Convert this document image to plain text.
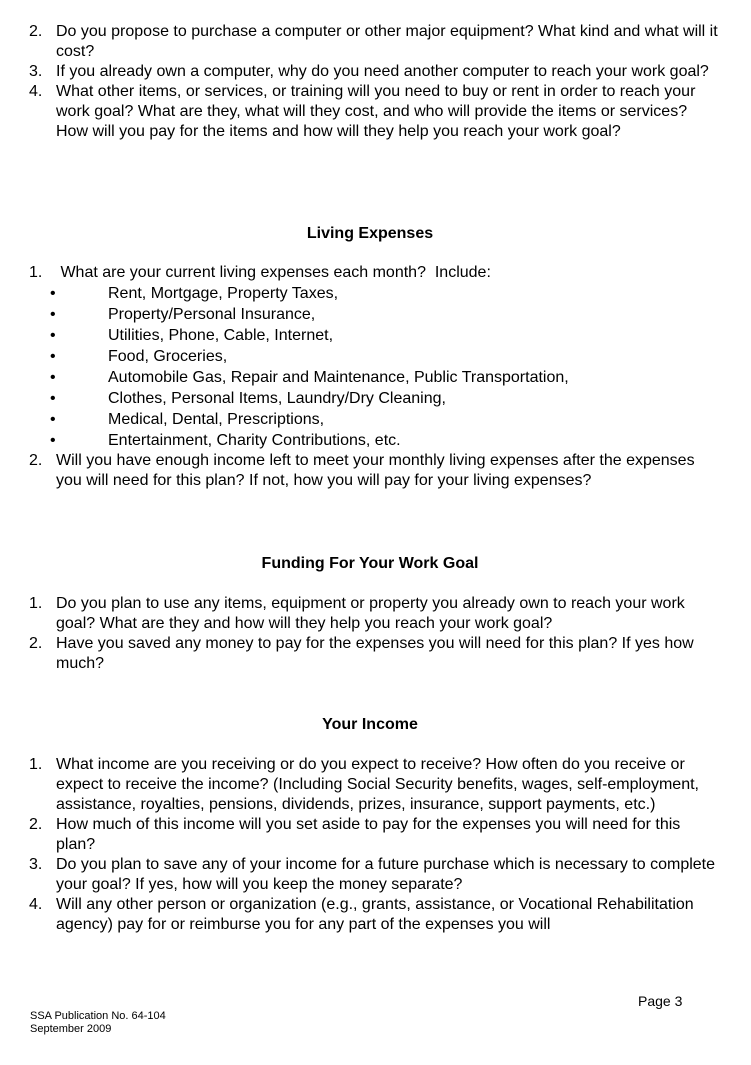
2. Do you propose to purchase a computer or other major equipment? What kind and what will it cost?
3. If you already own a computer, why do you need another computer to reach your work goal?
4. What other items, or services, or training will you need to buy or rent in order to reach your work goal? What are they, what will they cost, and who will provide the items or services? How will you pay for the items and how will they help you reach your work goal?
Living Expenses
1. What are your current living expenses each month?  Include:
Rent, Mortgage, Property Taxes,
Property/Personal Insurance,
Utilities, Phone, Cable, Internet,
Food, Groceries,
Automobile Gas, Repair and Maintenance, Public Transportation,
Clothes, Personal Items, Laundry/Dry Cleaning,
Medical, Dental, Prescriptions,
Entertainment, Charity Contributions, etc.
2. Will you have enough income left to meet your monthly living expenses after the expenses you will need for this plan? If not, how you will pay for your living expenses?
Funding For Your Work Goal
1. Do you plan to use any items, equipment or property you already own to reach your work goal? What are they and how will they help you reach your work goal?
2. Have you saved any money to pay for the expenses you will need for this plan? If yes how much?
Your Income
1. What income are you receiving or do you expect to receive? How often do you receive or expect to receive the income? (Including Social Security benefits, wages, self-employment, assistance, royalties, pensions, dividends, prizes, insurance, support payments, etc.)
2. How much of this income will you set aside to pay for the expenses you will need for this plan?
3. Do you plan to save any of your income for a future purchase which is necessary to complete your goal? If yes, how will you keep the money separate?
4. Will any other person or organization (e.g., grants, assistance, or Vocational Rehabilitation agency) pay for or reimburse you for any part of the expenses you will
Page 3
SSA Publication No. 64-104
September 2009
